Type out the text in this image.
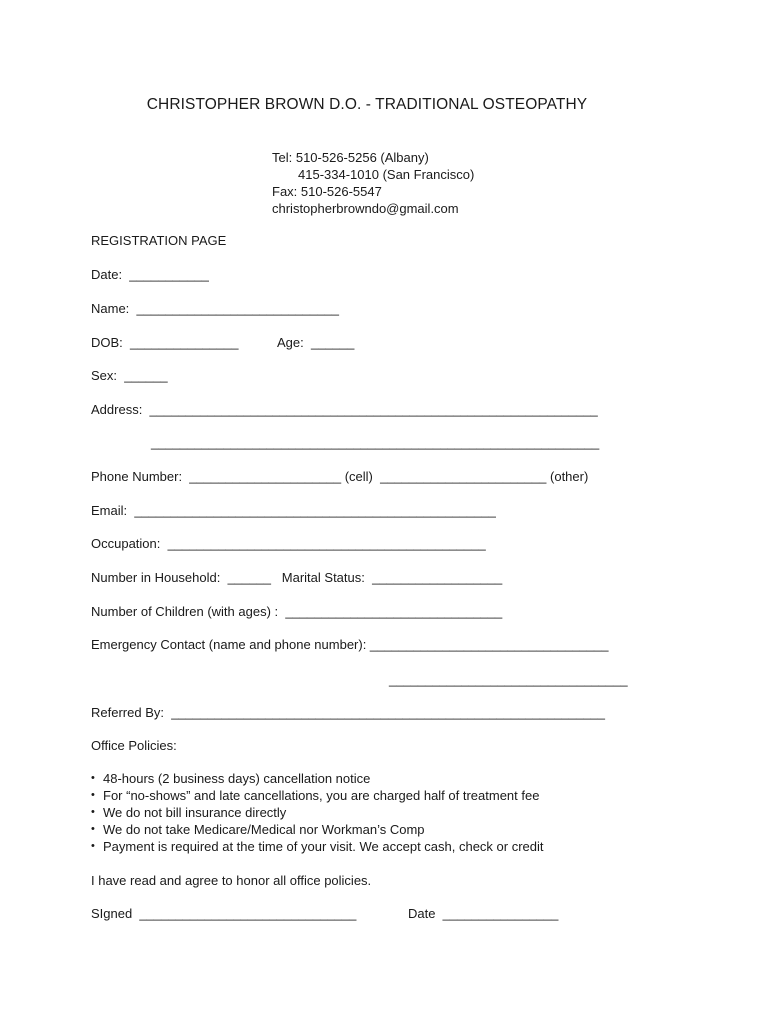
CHRISTOPHER BROWN D.O. - TRADITIONAL OSTEOPATHY
Tel: 510-526-5256 (Albany)
415-334-1010 (San Francisco)
Fax: 510-526-5547
christopherbrowndo@gmail.com
REGISTRATION PAGE
Date:  ___________
Name:  ____________________________
DOB:  _______________	Age:  ______
Sex:  ______
Address:  ______________________________________________________________
______________________________________________________________
Phone Number:  _____________________ (cell)  _______________________ (other)
Email:  __________________________________________________
Occupation:  ____________________________________________
Number in Household:  ______   Marital Status:  __________________
Number of Children (with ages) :  ______________________________
Emergency Contact (name and phone number): _________________________________
_________________________________
Referred By:  ____________________________________________________________
Office Policies:
• 48-hours (2 business days) cancellation notice
• For “no-shows” and late cancellations, you are charged half of treatment fee
• We do not bill insurance directly
• We do not take Medicare/Medical nor Workman’s Comp
• Payment is required at the time of your visit. We accept cash, check or credit
I have read and agree to honor all office policies.
SIgned  ______________________________	Date  ________________
